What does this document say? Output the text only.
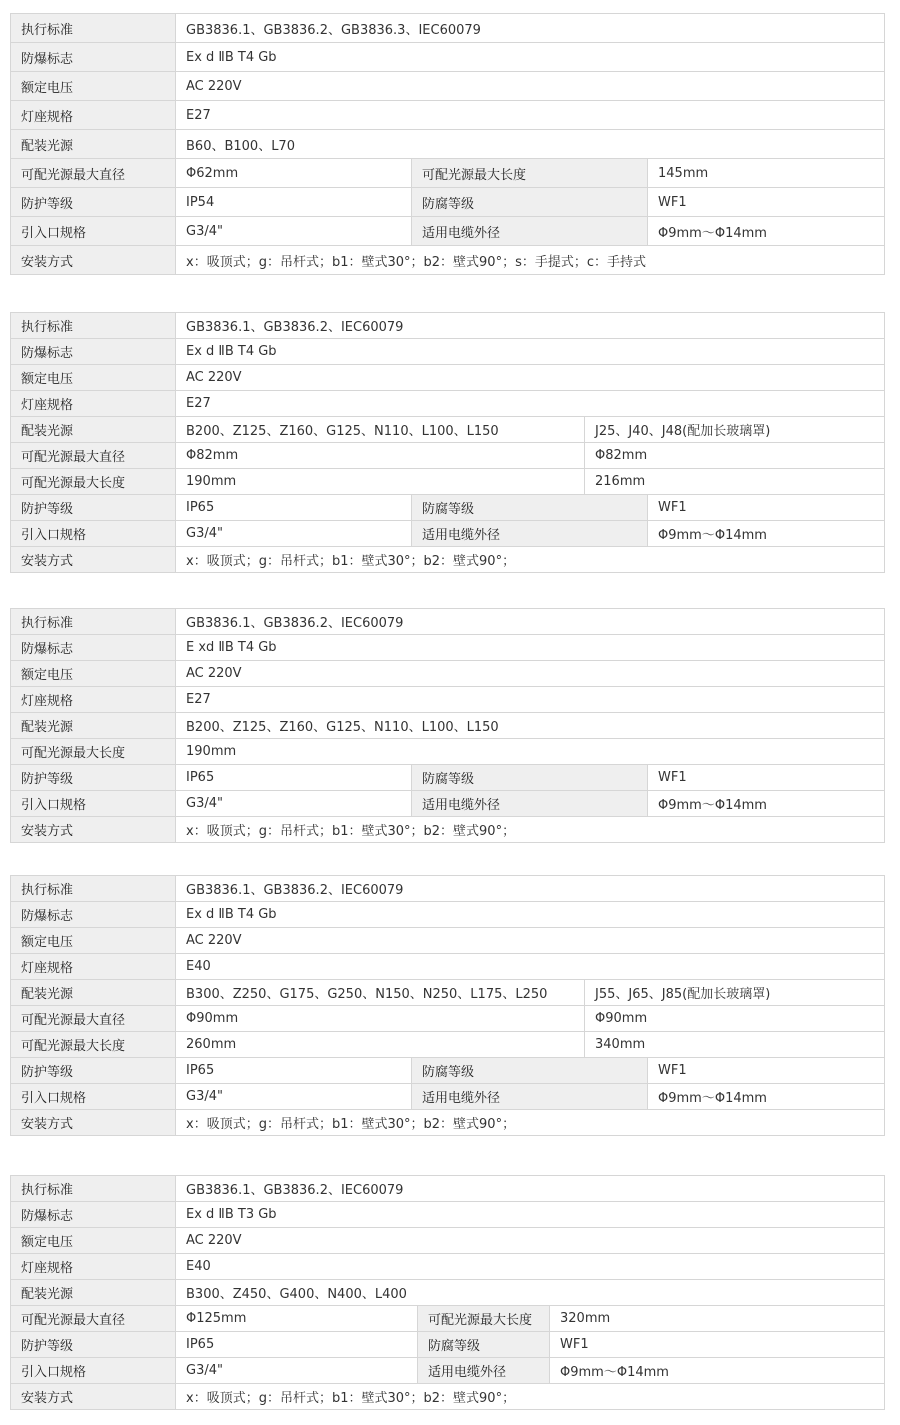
执行标准	GB3836.1、GB3836.2、GB3836.3、IEC60079		
防爆标志	Ex d ⅡB T4 Gb		
额定电压	AC 220V		
灯座规格	E27		
配装光源	B60、B100、L70		
可配光源最大直径	Φ62mm	可配光源最大长度	145mm
防护等级	IP54	防腐等级	WF1
引入口规格	G3/4"	适用电缆外径	Φ9mm～Φ14mm
安装方式	x：吸顶式；g：吊杆式；b1：壁式30°；b2：壁式90°；s：手提式；c：手持式		
执行标准	GB3836.1、GB3836.2、IEC60079			
防爆标志	Ex d ⅡB T4 Gb			
额定电压	AC 220V			
灯座规格	E27			
配装光源	B200、Z125、Z160、G125、N110、L100、L150		J25、J40、J48(配加长玻璃罩)	
可配光源最大直径	Φ82mm		Φ82mm	
可配光源最大长度	190mm		216mm	
防护等级	IP65	防腐等级		WF1
引入口规格	G3/4"	适用电缆外径		Φ9mm～Φ14mm
安装方式	x：吸顶式；g：吊杆式；b1：壁式30°；b2：壁式90°；			
执行标准	GB3836.1、GB3836.2、IEC60079		
防爆标志	E xd ⅡB T4 Gb		
额定电压	AC 220V		
灯座规格	E27		
配装光源	B200、Z125、Z160、G125、N110、L100、L150		
可配光源最大长度	190mm		
防护等级	IP65	防腐等级	WF1
引入口规格	G3/4"	适用电缆外径	Φ9mm～Φ14mm
安装方式	x：吸顶式；g：吊杆式；b1：壁式30°；b2：壁式90°；		
执行标准	GB3836.1、GB3836.2、IEC60079			
防爆标志	Ex d ⅡB T4 Gb			
额定电压	AC 220V			
灯座规格	E40			
配装光源	B300、Z250、G175、G250、N150、N250、L175、L250		J55、J65、J85(配加长玻璃罩)	
可配光源最大直径	Φ90mm		Φ90mm	
可配光源最大长度	260mm		340mm	
防护等级	IP65	防腐等级		WF1
引入口规格	G3/4"	适用电缆外径		Φ9mm～Φ14mm
安装方式	x：吸顶式；g：吊杆式；b1：壁式30°；b2：壁式90°；			
执行标准	GB3836.1、GB3836.2、IEC60079		
防爆标志	Ex d ⅡB T3 Gb		
额定电压	AC 220V		
灯座规格	E40		
配装光源	B300、Z450、G400、N400、L400		
可配光源最大直径	Φ125mm	可配光源最大长度	320mm
防护等级	IP65	防腐等级	WF1
引入口规格	G3/4"	适用电缆外径	Φ9mm～Φ14mm
安装方式	x：吸顶式；g：吊杆式；b1：壁式30°；b2：壁式90°；		
